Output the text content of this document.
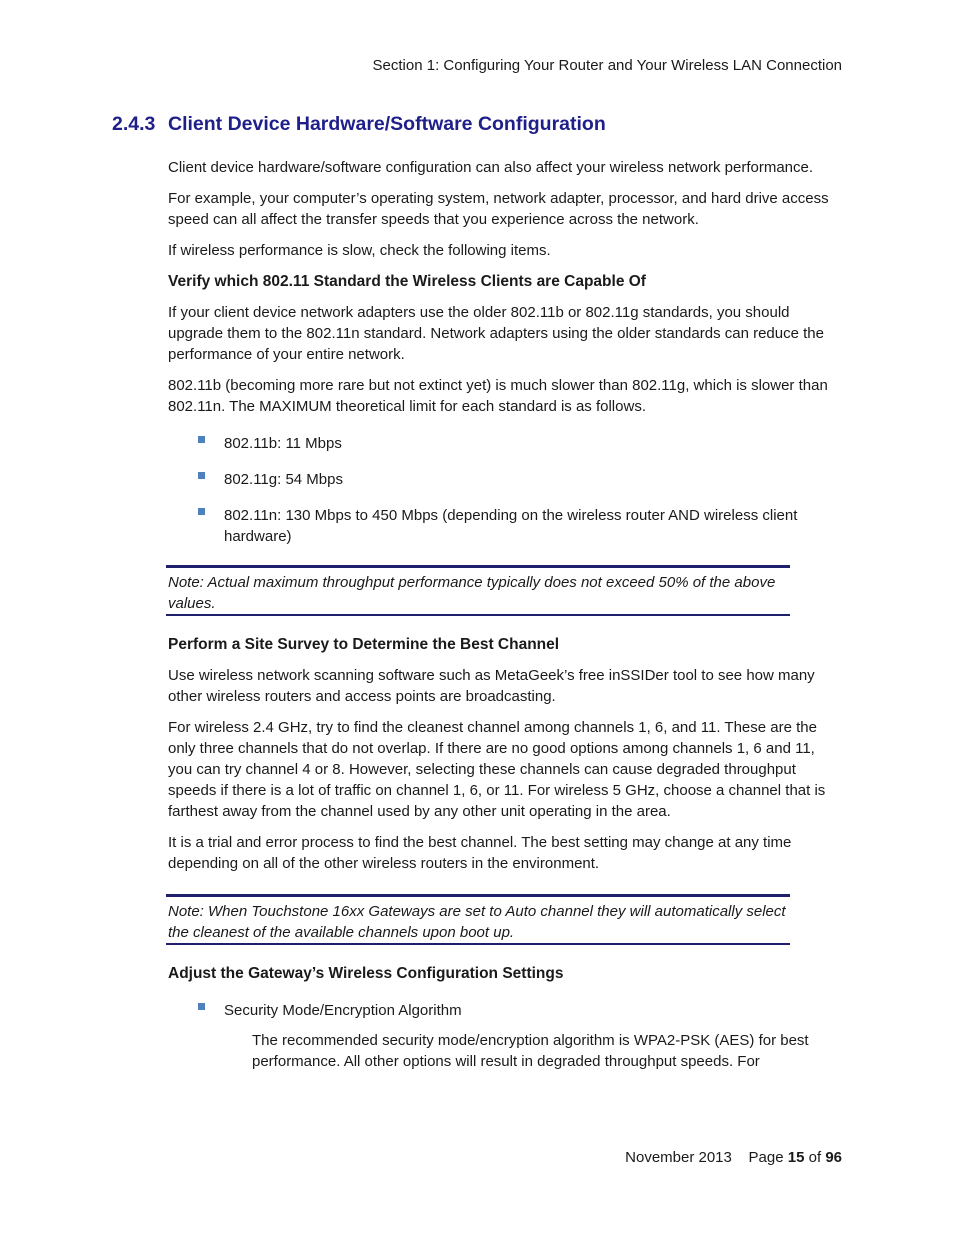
Section 1: Configuring Your Router and Your Wireless LAN Connection
2.4.3 Client Device Hardware/Software Configuration

Client device hardware/software configuration can also affect your wireless network performance.

For example, your computer’s operating system, network adapter, processor, and hard drive access speed can all affect the transfer speeds that you experience across the network.

If wireless performance is slow, check the following items.

Verify which 802.11 Standard the Wireless Clients are Capable Of

If your client device network adapters use the older 802.11b or 802.11g standards, you should upgrade them to the 802.11n standard. Network adapters using the older standards can reduce the performance of your entire network.

802.11b (becoming more rare but not extinct yet) is much slower than 802.11g, which is slower than 802.11n. The MAXIMUM theoretical limit for each standard is as follows.

802.11b: 11 Mbps
802.11g: 54 Mbps
802.11n: 130 Mbps to 450 Mbps (depending on the wireless router AND wireless client hardware)

Note: Actual maximum throughput performance typically does not exceed 50% of the above values.

Perform a Site Survey to Determine the Best Channel

Use wireless network scanning software such as MetaGeek’s free inSSIDer tool to see how many other wireless routers and access points are broadcasting.

For wireless 2.4 GHz, try to find the cleanest channel among channels 1, 6, and 11. These are the only three channels that do not overlap. If there are no good options among channels 1, 6 and 11, you can try channel 4 or 8. However, selecting these channels can cause degraded throughput speeds if there is a lot of traffic on channel 1, 6, or 11. For wireless 5 GHz, choose a channel that is farthest away from the channel used by any other unit operating in the area.

It is a trial and error process to find the best channel. The best setting may change at any time depending on all of the other wireless routers in the environment.

Note: When Touchstone 16xx Gateways are set to Auto channel they will automatically select the cleanest of the available channels upon boot up.

Adjust the Gateway’s Wireless Configuration Settings
Security Mode/Encryption Algorithm

The recommended security mode/encryption algorithm is WPA2-PSK (AES) for best performance. All other options will result in degraded throughput speeds. For

November 2013 Page 15 of 96
